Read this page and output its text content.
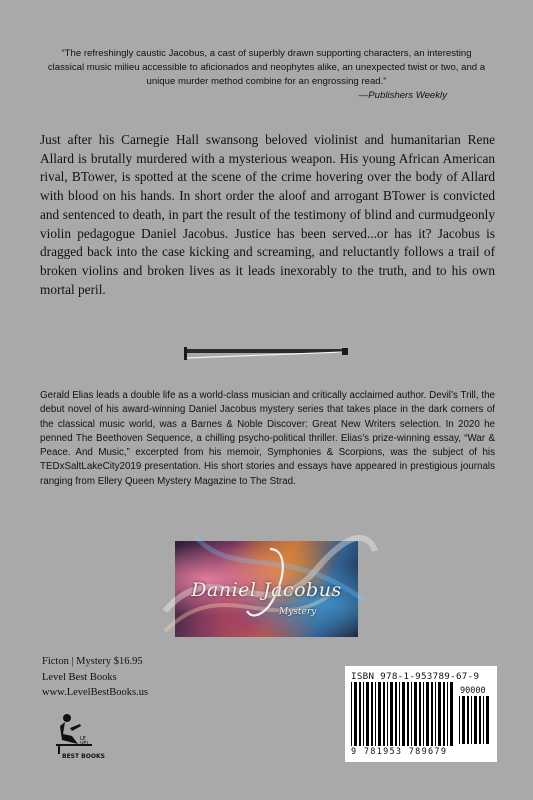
“The refreshingly caustic Jacobus, a cast of superbly drawn supporting characters, an interesting classical music milieu accessible to aficionados and neophytes alike, an unexpected twist or two, and a unique murder method combine for an engrossing read.”
—Publishers Weekly
Just after his Carnegie Hall swansong beloved violinist and humanitarian Rene Allard is brutally murdered with a mysterious weapon. His young African American rival, BTower, is spotted at the scene of the crime hovering over the body of Allard with blood on his hands. In short order the aloof and arrogant BTower is convicted and sentenced to death, in part the result of the testimony of blind and curmudgeonly violin pedagogue Daniel Jacobus. Justice has been served...or has it? Jacobus is dragged back into the case kicking and screaming, and reluctantly follows a trail of broken violins and broken lives as it leads inexorably to the truth, and to his own mortal peril.
Gerald Elias leads a double life as a world-class musician and critically acclaimed author. Devil’s Trill, the debut novel of his award-winning Daniel Jacobus mystery series that takes place in the dark corners of the classical music world, was a Barnes & Noble Discover: Great New Writers selection. In 2020 he penned The Beethoven Sequence, a chilling psycho-political thriller. Elias’s prize-winning essay, “War & Peace. And Music,” excerpted from his memoir, Symphonies & Scorpions, was the subject of his TEDxSaltLakeCity2019 presentation. His short stories and essays have appeared in prestigious journals ranging from Ellery Queen Mystery Magazine to The Strad.
Daniel Jacobus
Mystery
Ficton | Mystery $16.95
Level Best Books
www.LevelBestBooks.us
LE
VEL
BEST BOOKS
ISBN 978-1-953789-67-9
90000
9 781953 789679
